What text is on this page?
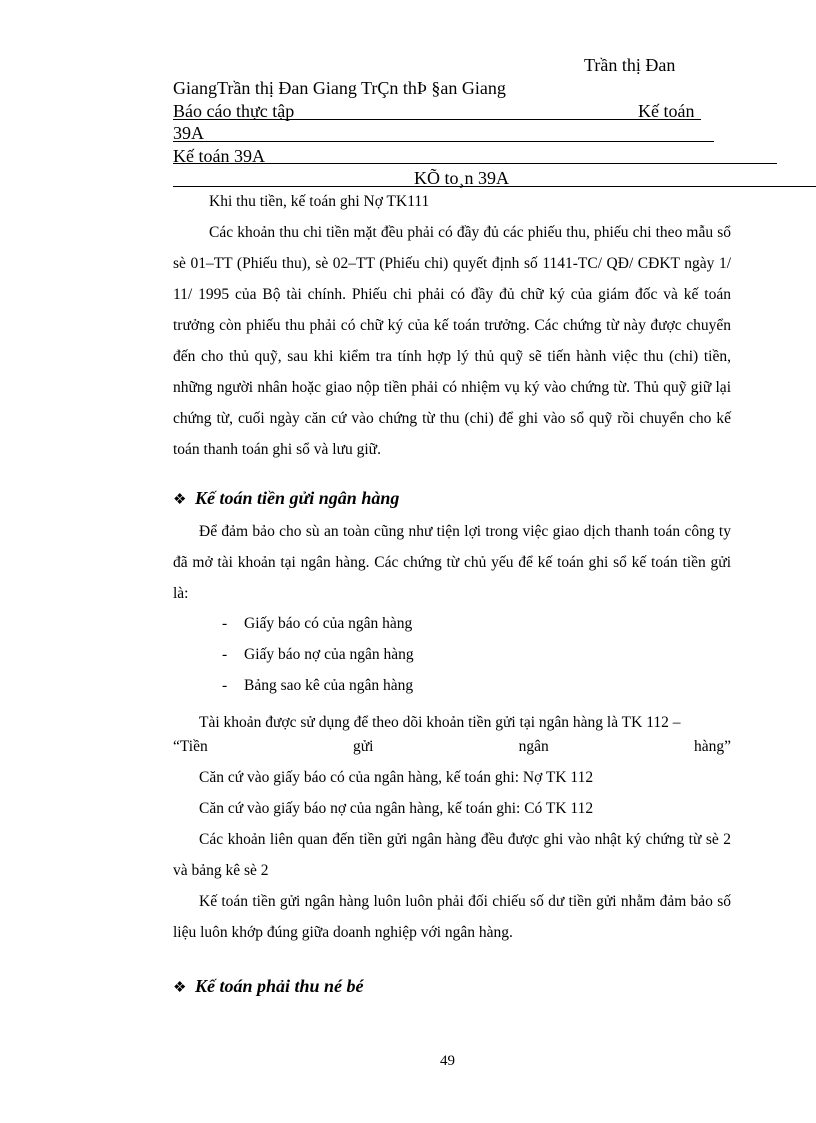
Trần thị Đan
GiangTrần thị Đan Giang TrÇn thÞ §an Giang
Báo cáo thực tập	Kế toán
39A
Kế toán 39A
KÕ to¸n 39A

Khi thu tiền, kế toán ghi Nợ TK111

Các khoản thu chi tiền mặt đều phải có đầy đủ các phiếu thu, phiếu chi theo mẫu sổ sè 01–TT (Phiếu thu), sè 02–TT (Phiếu chi) quyết định số 1141-TC/ QĐ/ CĐKT ngày 1/ 11/ 1995 của Bộ tài chính. Phiếu chi phải có đầy đủ chữ ký của giám đốc và kế toán trưởng còn phiếu thu phải có chữ ký của kế toán trưởng. Các chứng từ này được chuyển đến cho thủ quỹ, sau khi kiểm tra tính hợp lý thủ quỹ sẽ tiến hành việc thu (chi) tiền, những người nhân hoặc giao nộp tiền phải có nhiệm vụ ký vào chứng từ. Thủ quỹ giữ lại chứng từ, cuối ngày căn cứ vào chứng từ thu (chi) để ghi vào sổ quỹ rồi chuyển cho kế toán thanh toán ghi sổ và lưu giữ.

❖ Kế toán tiền gửi ngân hàng

Để đảm bảo cho sù an toàn cũng như tiện lợi trong việc giao dịch thanh toán công ty đã mở tài khoản tại ngân hàng. Các chứng từ chủ yếu để kế toán ghi sổ kế toán tiền gửi là:

- Giấy báo có của ngân hàng
- Giấy báo nợ của ngân hàng
- Bảng sao kê của ngân hàng

Tài khoản được sử dụng để theo dõi khoản tiền gửi tại ngân hàng là TK 112 –

“Tiền	gửi	ngân	hàng”

Căn cứ vào giấy báo có của ngân hàng, kế toán ghi: Nợ TK 112

Căn cứ vào giấy báo nợ của ngân hàng, kế toán ghi: Có TK 112

Các khoản liên quan đến tiền gửi ngân hàng đều được ghi vào nhật ký chứng từ sè 2 và bảng kê sè 2

Kế toán tiền gửi ngân hàng luôn luôn phải đối chiếu số dư tiền gửi nhằm đảm bảo số liệu luôn khớp đúng giữa doanh nghiệp với ngân hàng.

❖ Kế toán phải thu né bé
49
